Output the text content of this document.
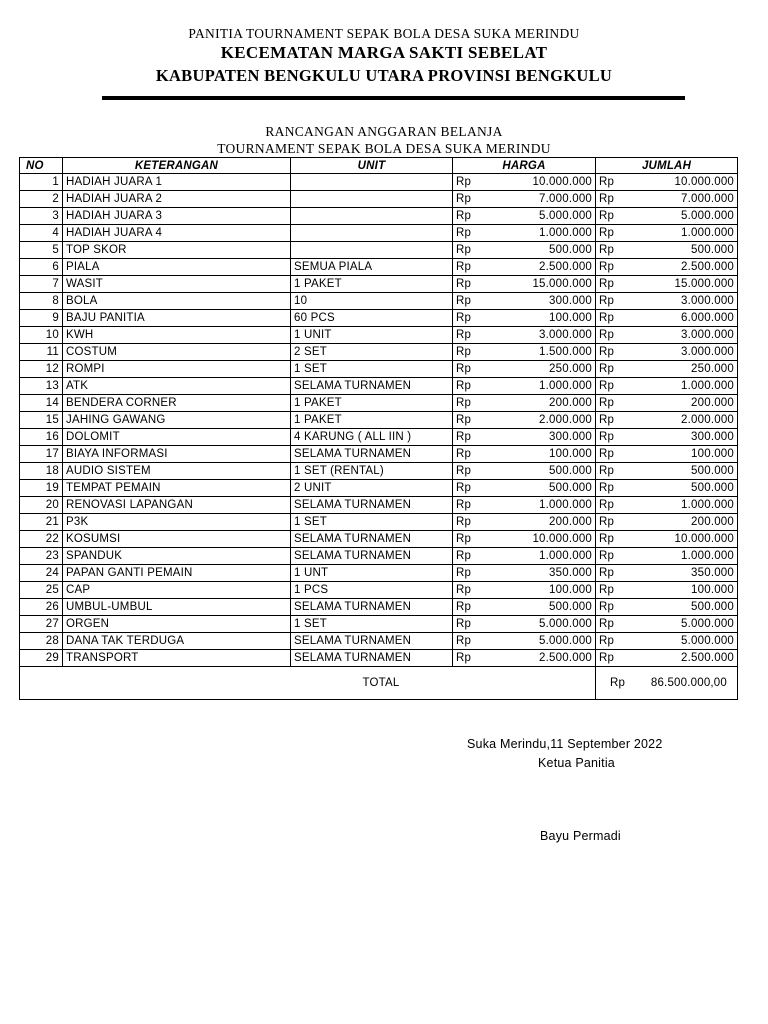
PANITIA TOURNAMENT SEPAK BOLA DESA SUKA MERINDU
KECEMATAN MARGA SAKTI SEBELAT
KABUPATEN BENGKULU UTARA PROVINSI BENGKULU
RANCANGAN ANGGARAN BELANJA
TOURNAMENT SEPAK BOLA DESA SUKA MERINDU
NO	KETERANGAN	UNIT	HARGA		JUMLAH	
1	HADIAH JUARA 1		Rp	10.000.000	Rp	10.000.000
2	HADIAH JUARA 2		Rp	7.000.000	Rp	7.000.000
3	HADIAH JUARA 3		Rp	5.000.000	Rp	5.000.000
4	HADIAH JUARA 4		Rp	1.000.000	Rp	1.000.000
5	TOP SKOR		Rp	500.000	Rp	500.000
6	PIALA	SEMUA PIALA	Rp	2.500.000	Rp	2.500.000
7	WASIT	1 PAKET	Rp	15.000.000	Rp	15.000.000
8	BOLA	10	Rp	300.000	Rp	3.000.000
9	BAJU PANITIA	60 PCS	Rp	100.000	Rp	6.000.000
10	KWH	1 UNIT	Rp	3.000.000	Rp	3.000.000
11	COSTUM	2 SET	Rp	1.500.000	Rp	3.000.000
12	ROMPI	1 SET	Rp	250.000	Rp	250.000
13	ATK	SELAMA TURNAMEN	Rp	1.000.000	Rp	1.000.000
14	BENDERA CORNER	1 PAKET	Rp	200.000	Rp	200.000
15	JAHING GAWANG	1 PAKET	Rp	2.000.000	Rp	2.000.000
16	DOLOMIT	4 KARUNG ( ALL IIN )	Rp	300.000	Rp	300.000
17	BIAYA INFORMASI	SELAMA TURNAMEN	Rp	100.000	Rp	100.000
18	AUDIO SISTEM	1 SET (RENTAL)	Rp	500.000	Rp	500.000
19	TEMPAT PEMAIN	2 UNIT	Rp	500.000	Rp	500.000
20	RENOVASI LAPANGAN	SELAMA TURNAMEN	Rp	1.000.000	Rp	1.000.000
21	P3K	1 SET	Rp	200.000	Rp	200.000
22	KOSUMSI	SELAMA TURNAMEN	Rp	10.000.000	Rp	10.000.000
23	SPANDUK	SELAMA TURNAMEN	Rp	1.000.000	Rp	1.000.000
24	PAPAN GANTI PEMAIN	1 UNT	Rp	350.000	Rp	350.000
25	CAP	1 PCS	Rp	100.000	Rp	100.000
26	UMBUL-UMBUL	SELAMA TURNAMEN	Rp	500.000	Rp	500.000
27	ORGEN	1 SET	Rp	5.000.000	Rp	5.000.000
28	DANA TAK TERDUGA	SELAMA TURNAMEN	Rp	5.000.000	Rp	5.000.000
29	TRANSPORT	SELAMA TURNAMEN	Rp	2.500.000	Rp	2.500.000
TOTAL					Rp	86.500.000,00
Suka Merindu,11 September 2022
Ketua Panitia
Bayu Permadi
